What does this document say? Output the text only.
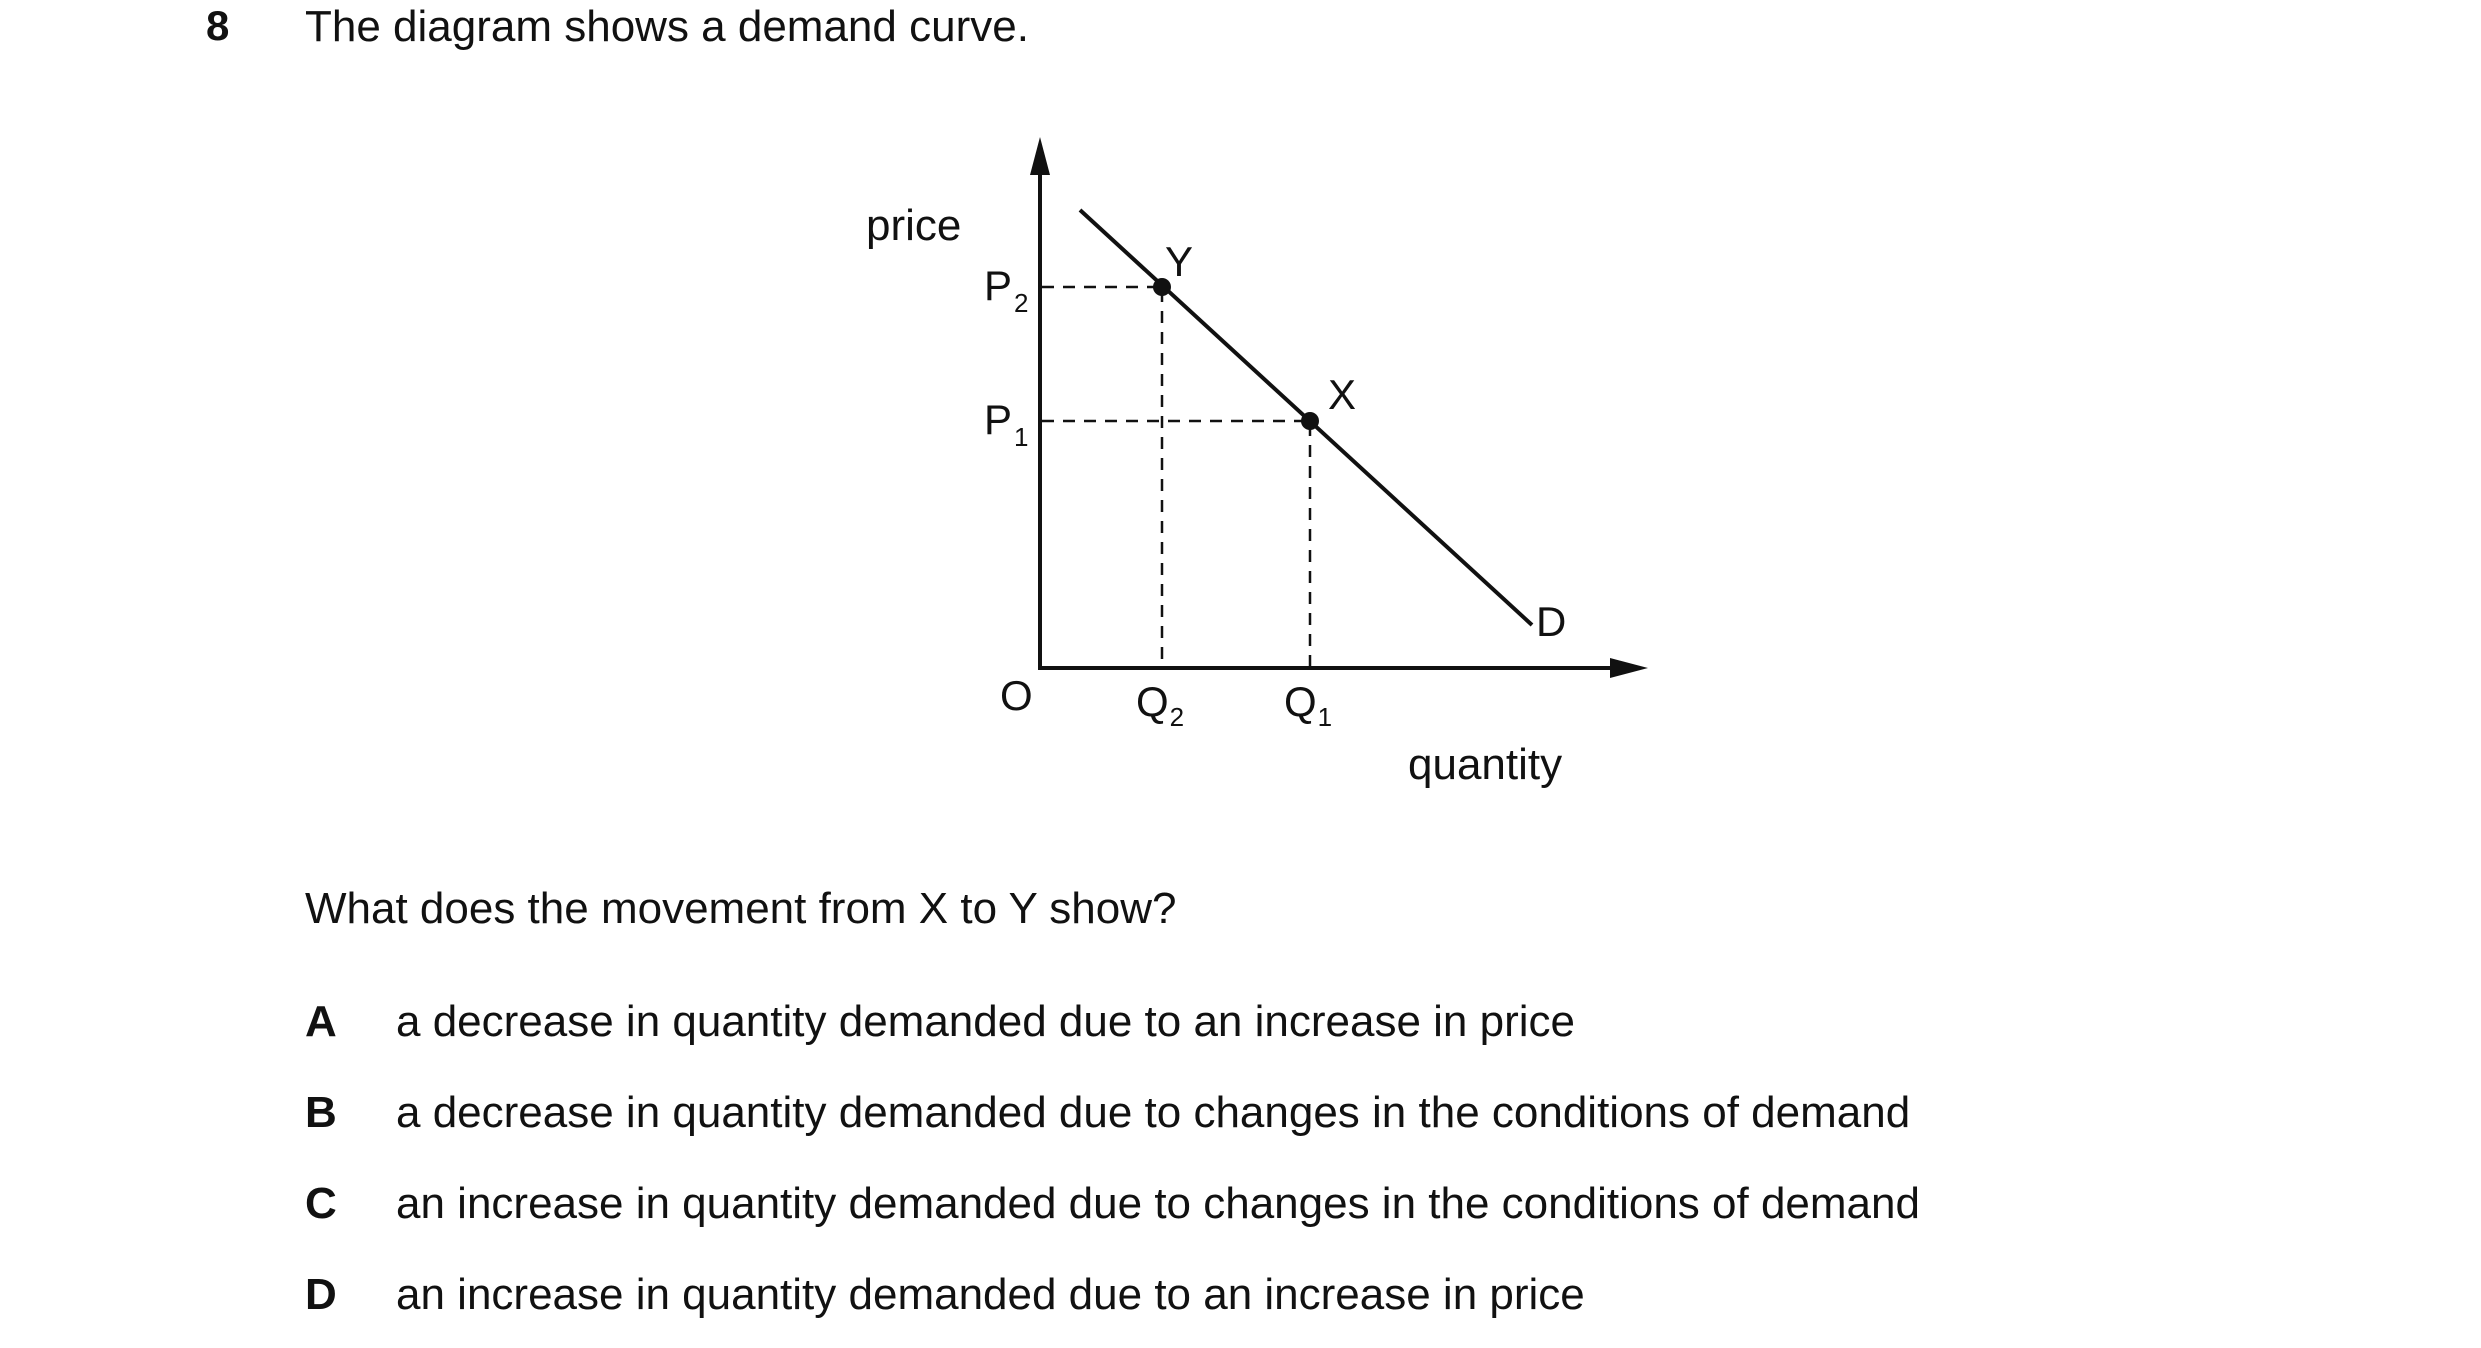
8 The diagram shows a demand curve.
price
quantity
O
D
Y
X
$P_2$
$P_1$
$Q_2$ $Q_1$
What does the movement from X to Y show?
A a decrease in quantity demanded due to an increase in price
B a decrease in quantity demanded due to changes in the conditions of demand
C an increase in quantity demanded due to changes in the conditions of demand
D an increase in quantity demanded due to an increase in price
